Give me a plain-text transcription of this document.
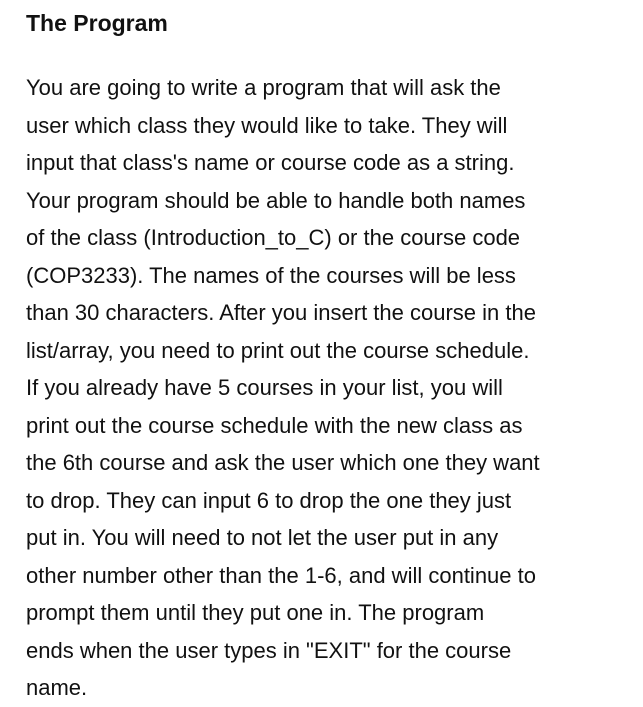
The Program

You are going to write a program that will ask the
user which class they would like to take. They will
input that class's name or course code as a string.
Your program should be able to handle both names
of the class (Introduction_to_C) or the course code
(COP3233). The names of the courses will be less
than 30 characters. After you insert the course in the
list/array, you need to print out the course schedule.
If you already have 5 courses in your list, you will
print out the course schedule with the new class as
the 6th course and ask the user which one they want
to drop. They can input 6 to drop the one they just
put in. You will need to not let the user put in any
other number other than the 1-6, and will continue to
prompt them until they put one in. The program
ends when the user types in "EXIT" for the course
name.
